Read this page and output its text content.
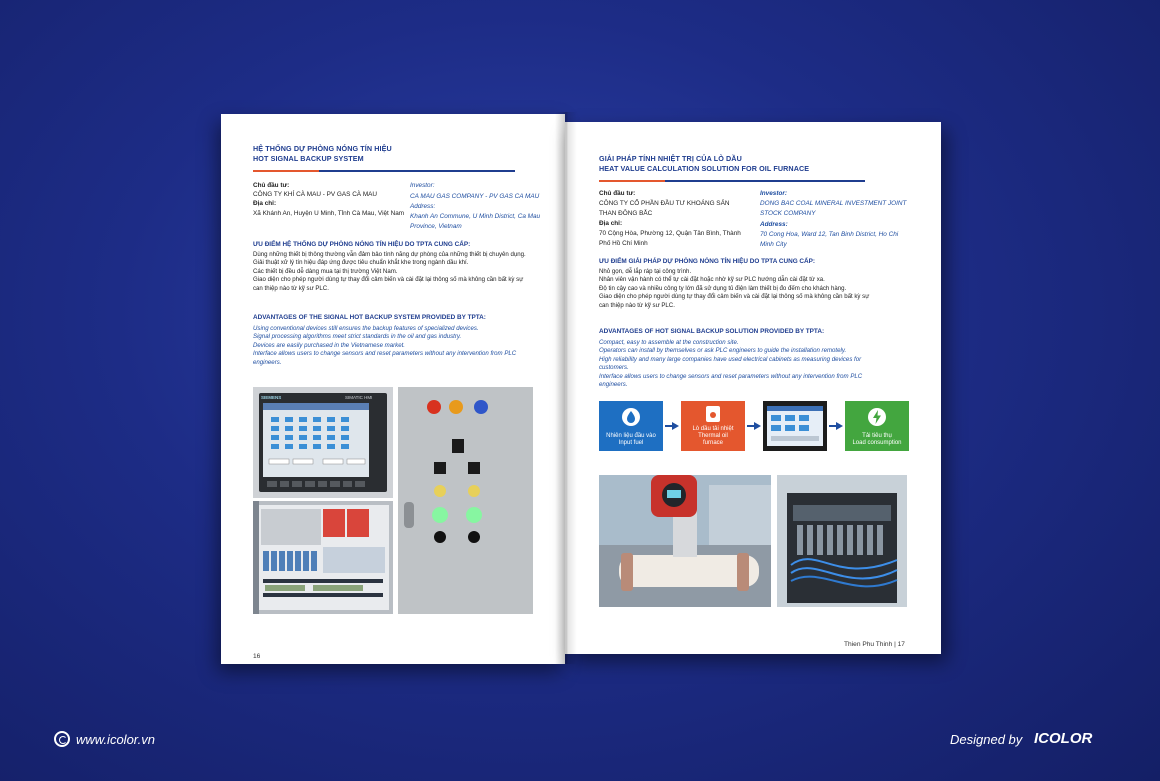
HỆ THỐNG DỰ PHÒNG NÓNG TÍN HIỆU
HOT SIGNAL BACKUP SYSTEM
Chủ đầu tư:
CÔNG TY KHÍ CÀ MAU - PV GAS CÀ MAU
Địa chỉ:
Xã Khánh An, Huyện U Minh, Tỉnh Cà Mau, Việt Nam
Investor:
CA MAU GAS COMPANY - PV GAS CA MAU
Address:
Khanh An Commune, U Minh District, Ca Mau
Province, Vietnam
ƯU ĐIỂM HỆ THỐNG DỰ PHÒNG NÓNG TÍN HIỆU DO TPTA CUNG CẤP:
Dùng những thiết bị thông thường vẫn đảm bảo tính năng dự phòng của những thiết bị chuyên dụng.
Giải thuật xử lý tín hiệu đáp ứng được tiêu chuẩn khắt khe trong ngành dầu khí.
Các thiết bị đều dễ dàng mua tại thị trường Việt Nam.
Giao diện cho phép người dùng tự thay đổi cảm biến và cài đặt lại thông số mà không cần bất kỳ sự
can thiệp nào từ kỹ sư PLC.
ADVANTAGES OF THE SIGNAL HOT BACKUP SYSTEM PROVIDED BY TPTA:
Using conventional devices still ensures the backup features of specialized devices.
Signal processing algorithms meet strict standards in the oil and gas industry.
Devices are easily purchased in the Vietnamese market.
Interface allows users to change sensors and reset parameters without any intervention from PLC
engineers.
SIEMENS	SIMATIC HMI
16
GIẢI PHÁP TÍNH NHIỆT TRỊ CỦA LÒ DẦU
HEAT VALUE CALCULATION SOLUTION FOR OIL FURNACE
Chủ đầu tư:
CÔNG TY CỔ PHẦN ĐẦU TƯ KHOÁNG SẢN
THAN ĐÔNG BẮC
Địa chỉ:
70 Cộng Hòa, Phường 12, Quận Tân Bình, Thành
Phố Hồ Chí Minh
Investor:
DONG BAC COAL MINERAL INVESTMENT JOINT
STOCK COMPANY
Address:
70 Cong Hoa, Ward 12, Tan Binh District, Ho Chi
Minh City
ƯU ĐIỂM GIẢI PHÁP DỰ PHÒNG NÓNG TÍN HIỆU DO TPTA CUNG CẤP:
Nhỏ gọn, dễ lắp ráp tại công trình.
Nhân viên vận hành có thể tự cài đặt hoặc nhờ kỹ sư PLC hướng dẫn cài đặt từ xa.
Độ tin cậy cao và nhiều công ty lớn đã sử dụng tủ điện làm thiết bị đo đếm cho khách hàng.
Giao diện cho phép người dùng tự thay đổi cảm biến và cài đặt lại thông số mà không cần bất kỳ sự
can thiệp nào từ kỹ sư PLC.
ADVANTAGES OF HOT SIGNAL BACKUP SOLUTION PROVIDED BY TPTA:
Compact, easy to assemble at the construction site.
Operators can install by themselves or ask PLC engineers to guide the installation remotely.
High reliability and many large companies have used electrical cabinets as measuring devices for
customers.
Interface allows users to change sensors and reset parameters without any intervention from PLC
engineers.
Nhiên liệu đầu vào
Input fuel
Lò dầu tải nhiệt
Thermal oil
furnace
Tải tiêu thụ
Load consumption
Thien Phu Thinh | 17
www.icolor.vn	Designed by ICOLOR
